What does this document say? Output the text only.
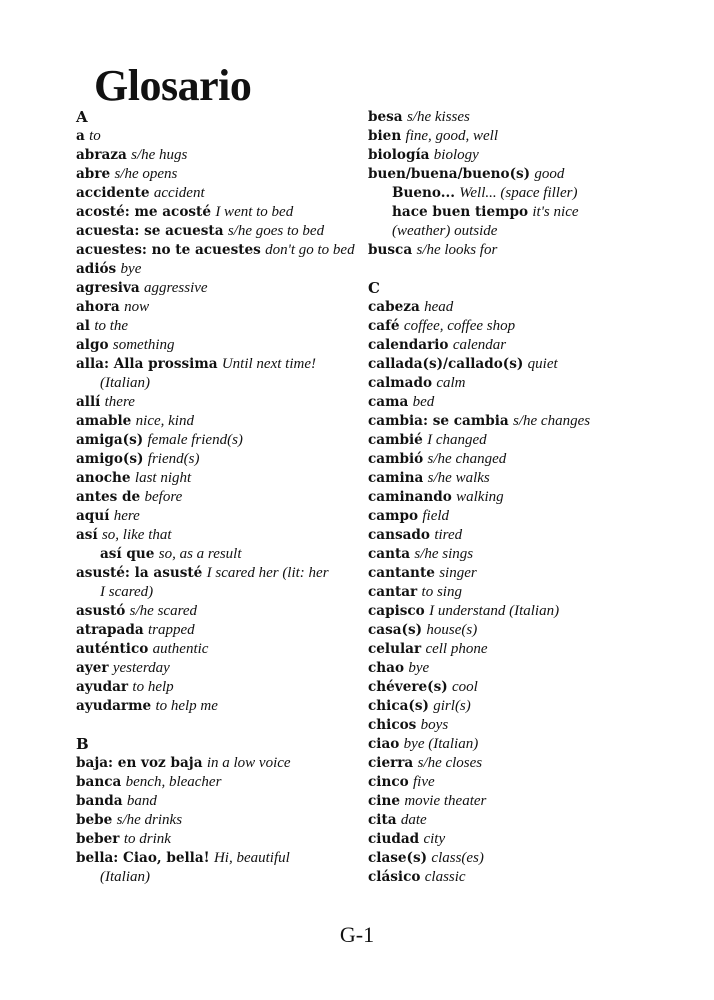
Glosario
A
a to
abraza s/he hugs
abre s/he opens
accidente accident
acosté: me acosté I went to bed
acuesta: se acuesta s/he goes to bed
acuestes: no te acuestes don't go to bed
adiós bye
agresiva aggressive
ahora now
al to the
algo something
alla: Alla prossima Until next time!
(Italian)
allí there
amable nice, kind
amiga(s) female friend(s)
amigo(s) friend(s)
anoche last night
antes de before
aquí here
así so, like that
así que so, as a result
asusté: la asusté I scared her (lit: her
I scared)
asustó s/he scared
atrapada trapped
auténtico authentic
ayer yesterday
ayudar to help
ayudarme to help me
B
baja: en voz baja in a low voice
banca bench, bleacher
banda band
bebe s/he drinks
beber to drink
bella: Ciao, bella! Hi, beautiful
(Italian)
besa s/he kisses
bien fine, good, well
biología biology
buen/buena/bueno(s) good
Bueno... Well... (space filler)
hace buen tiempo it's nice
(weather) outside
busca s/he looks for
C
cabeza head
café coffee, coffee shop
calendario calendar
callada(s)/callado(s) quiet
calmado calm
cama bed
cambia: se cambia s/he changes
cambié I changed
cambió s/he changed
camina s/he walks
caminando walking
campo field
cansado tired
canta s/he sings
cantante singer
cantar to sing
capisco I understand (Italian)
casa(s) house(s)
celular cell phone
chao bye
chévere(s) cool
chica(s) girl(s)
chicos boys
ciao bye (Italian)
cierra s/he closes
cinco five
cine movie theater
cita date
ciudad city
clase(s) class(es)
clásico classic
G-1
